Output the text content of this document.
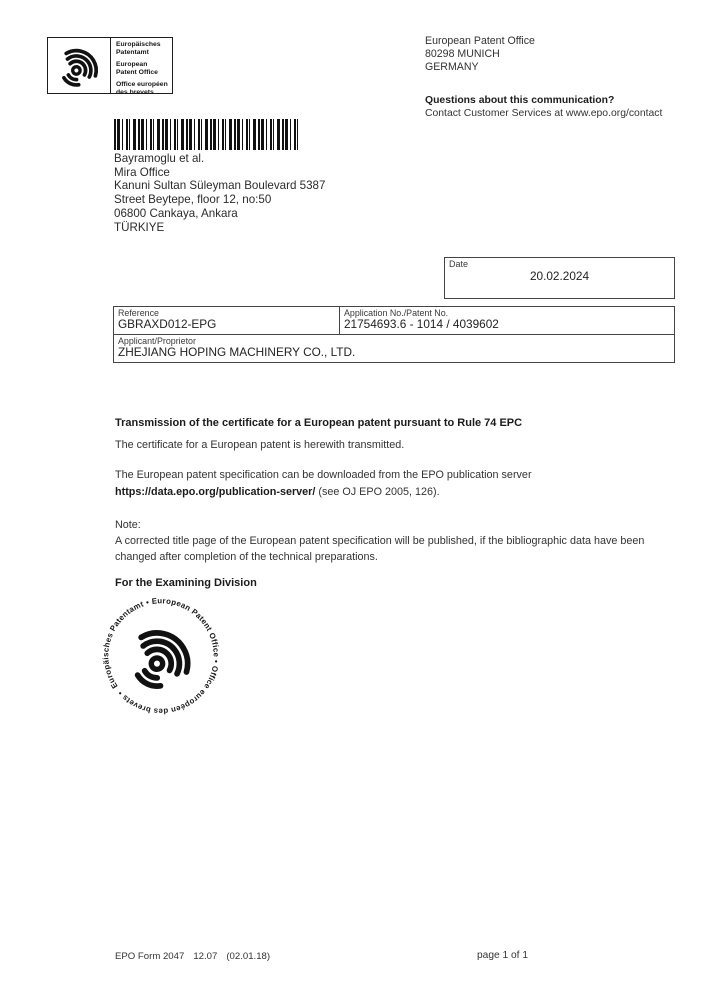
Europäisches Patentamt
European Patent Office
Office européen des brevets
European Patent Office
80298 MUNICH
GERMANY
Questions about this communication?
Contact Customer Services at www.epo.org/contact
Bayramoglu et al.
Mira Office
Kanuni Sultan Süleyman Boulevard 5387
Street Beytepe, floor 12, no:50
06800 Cankaya, Ankara
TÜRKIYE
Date
20.02.2024
Reference
GBRAXD012-EPG
Application No./Patent No.
21754693.6 - 1014 / 4039602
Applicant/Proprietor
ZHEJIANG HOPING MACHINERY CO., LTD.
Transmission of the certificate for a European patent pursuant to Rule 74 EPC
The certificate for a European patent is herewith transmitted.
The European patent specification can be downloaded from the EPO publication server
https://data.epo.org/publication-server/ (see OJ EPO 2005, 126).
Note:
A corrected title page of the European patent specification will be published, if the bibliographic data have been changed after completion of the technical preparations.
For the Examining Division
Europäisches Patentamt • European Patent Office • Office européen des brevets •
EPO Form 2047 12.07 (02.01.18)	page 1 of 1
